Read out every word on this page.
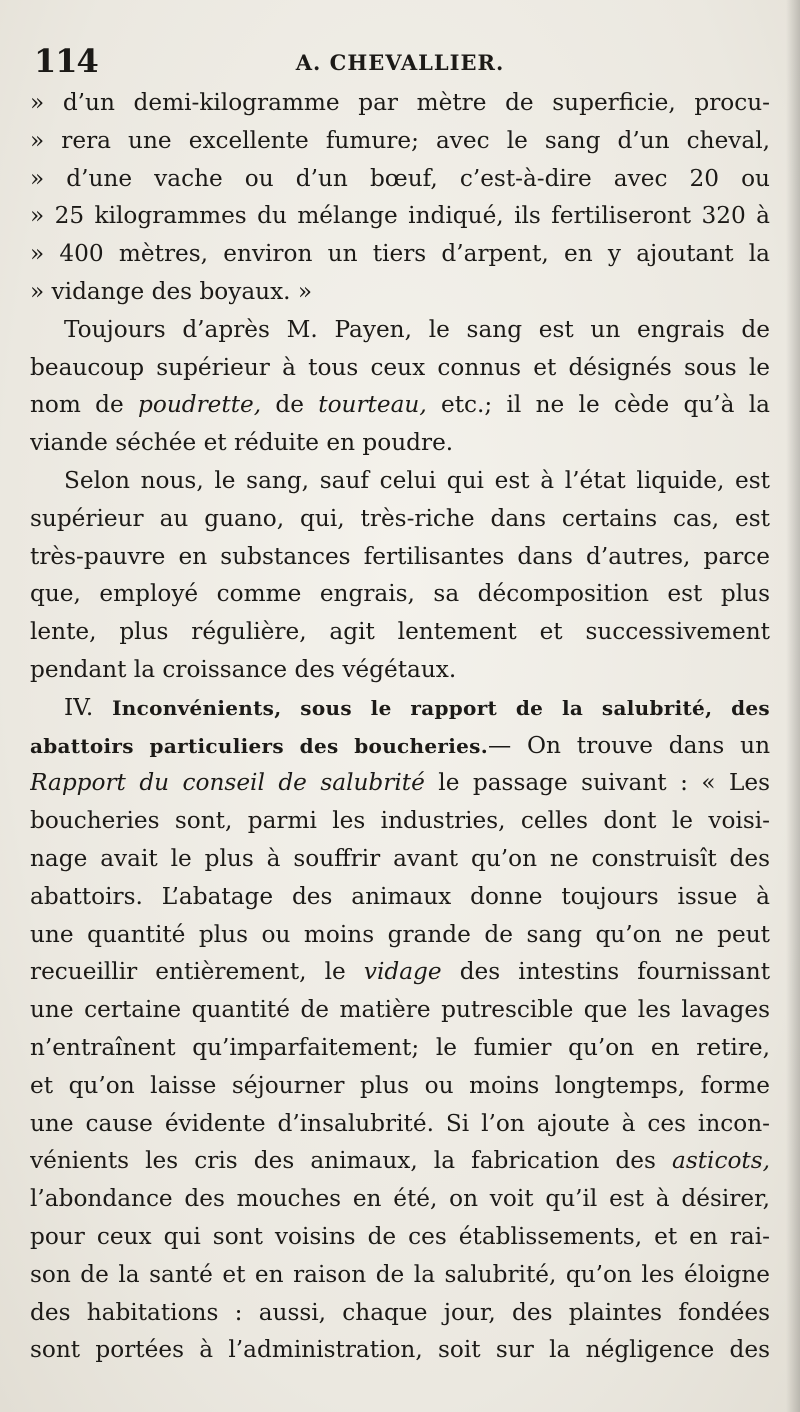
114	A. CHEVALLIER.
» d’un demi-kilogramme par mètre de superficie, procu-
» rera une excellente fumure; avec le sang d’un cheval,
» d’une vache ou d’un bœuf, c’est-à-dire avec 20 ou
» 25 kilogrammes du mélange indiqué, ils fertiliseront 320 à
» 400 mètres, environ un tiers d’arpent, en y ajoutant la
» vidange des boyaux. »
Toujours d’après M. Payen, le sang est un engrais de
beaucoup supérieur à tous ceux connus et désignés sous le
nom de poudrette, de tourteau, etc.; il ne le cède qu’à la
viande séchée et réduite en poudre.
Selon nous, le sang, sauf celui qui est à l’état liquide, est
supérieur au guano, qui, très-riche dans certains cas, est
très-pauvre en substances fertilisantes dans d’autres, parce
que, employé comme engrais, sa décomposition est plus
lente, plus régulière, agit lentement et successivement
pendant la croissance des végétaux.
IV. Inconvénients, sous le rapport de la salubrité, des
abattoirs particuliers des boucheries.— On trouve dans un
Rapport du conseil de salubrité le passage suivant : « Les
boucheries sont, parmi les industries, celles dont le voisi-
nage avait le plus à souffrir avant qu’on ne construisît des
abattoirs. L’abatage des animaux donne toujours issue à
une quantité plus ou moins grande de sang qu’on ne peut
recueillir entièrement, le vidage des intestins fournissant
une certaine quantité de matière putrescible que les lavages
n’entraînent qu’imparfaitement; le fumier qu’on en retire,
et qu’on laisse séjourner plus ou moins longtemps, forme
une cause évidente d’insalubrité. Si l’on ajoute à ces incon-
vénients les cris des animaux, la fabrication des asticots,
l’abondance des mouches en été, on voit qu’il est à désirer,
pour ceux qui sont voisins de ces établissements, et en rai-
son de la santé et en raison de la salubrité, qu’on les éloigne
des habitations : aussi, chaque jour, des plaintes fondées
sont portées à l’administration, soit sur la négligence des
